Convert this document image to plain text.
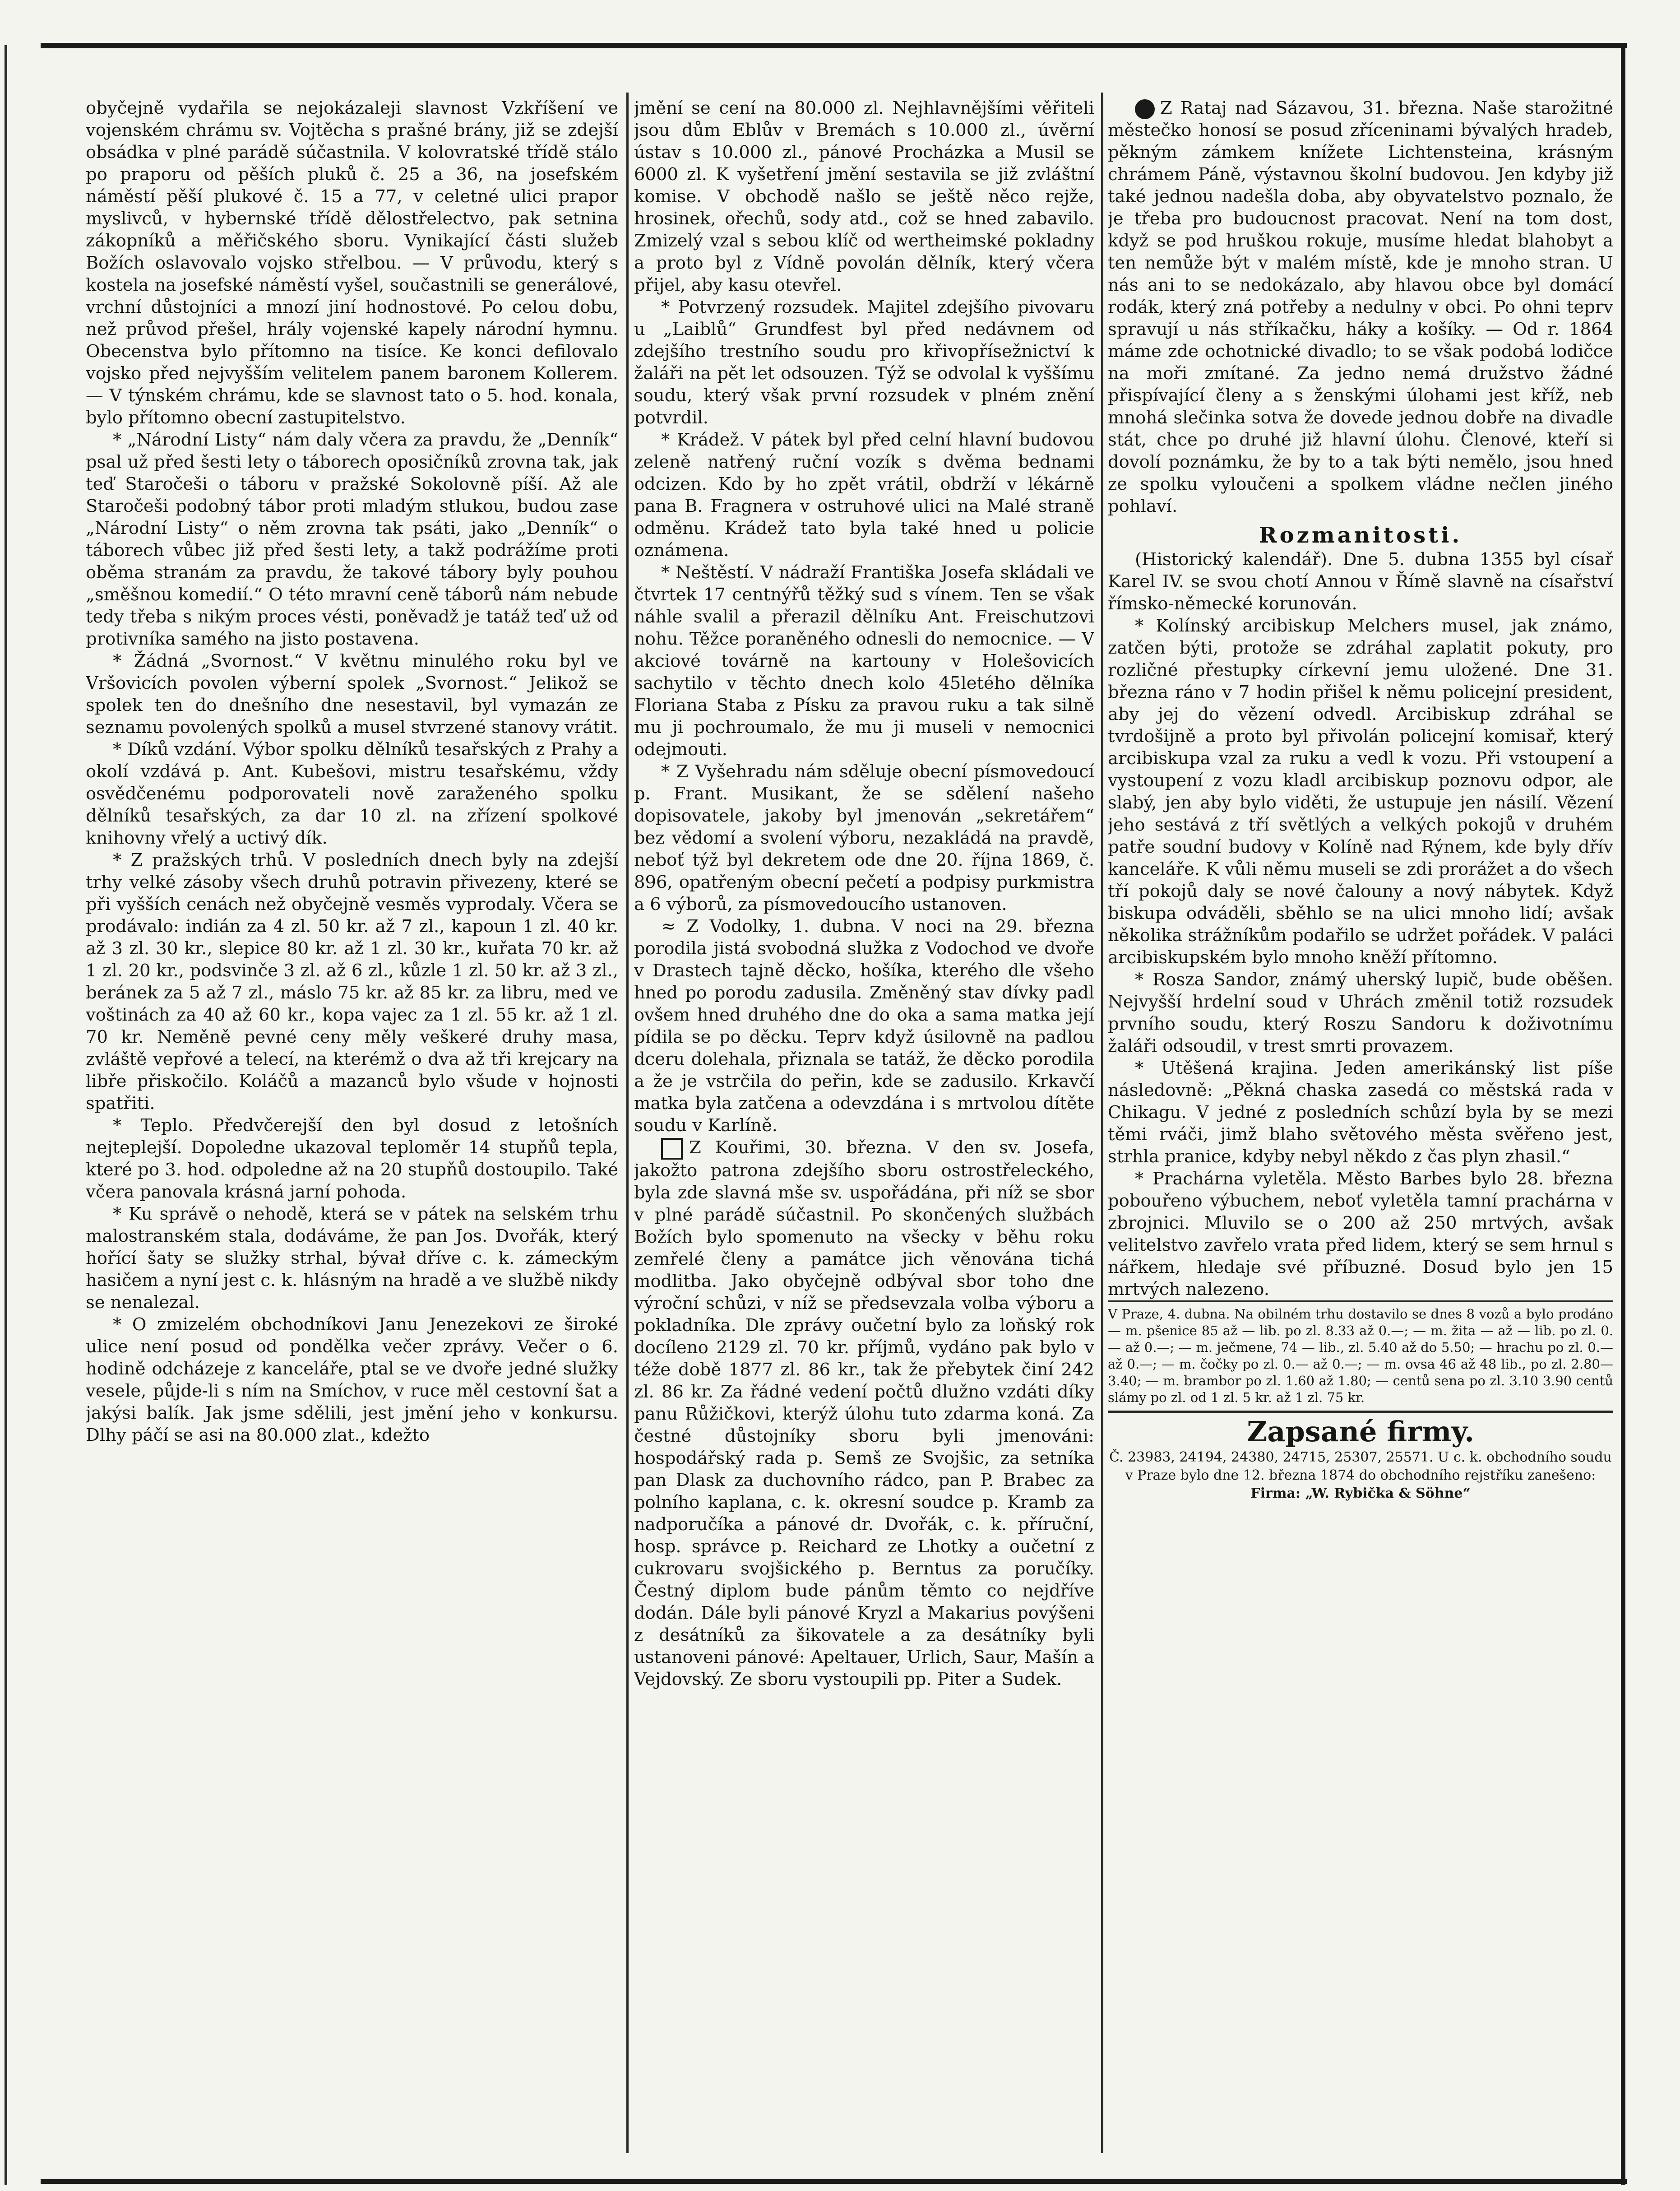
obyčejně vydařila se nejokázaleji slavnost Vzkříšení ve vojenském chrámu sv. Vojtěcha s prašné brány, již se zdejší obsádka v plné parádě súčastnila. V kolovratské třídě stálo po praporu od pěších pluků č. 25 a 36, na josefském náměstí pěší plukové č. 15 a 77, v celetné ulici prapor myslivců, v hybernské třídě dělostřelectvo, pak setnina zákopníků a měřičského sboru. Vynikající části služeb Božích oslavovalo vojsko střelbou. — V průvodu, který s kostela na josefské náměstí vyšel, součastnili se generálové, vrchní důstojníci a mnozí jiní hodnostové. Po celou dobu, než průvod přešel, hrály vojenské kapely národní hymnu. Obecenstva bylo přítomno na tisíce. Ke konci defilovalo vojsko před nejvyšším velitelem panem baronem Kollerem. — V týnském chrámu, kde se slavnost tato o 5. hod. konala, bylo přítomno obecní zastupitelstvo.

* „Národní Listy“ nám daly včera za pravdu, že „Denník“ psal už před šesti lety o táborech oposičníků zrovna tak, jak teď Staročeši o táboru v pražské Sokolovně píší. Až ale Staročeši podobný tábor proti mladým stlukou, budou zase „Národní Listy“ o něm zrovna tak psáti, jako „Denník“ o táborech vůbec již před šesti lety, a takž podrážíme proti oběma stranám za pravdu, že takové tábory byly pouhou „směšnou komedií.“ O této mravní ceně táborů nám nebude tedy třeba s nikým proces vésti, poněvadž je tatáž teď už od protivníka samého na jisto postavena.

* Žádná „Svornost.“ V květnu minulého roku byl ve Vršovicích povolen výberní spolek „Svornost.“ Jelikož se spolek ten do dnešního dne nesestavil, byl vymazán ze seznamu povolených spolků a musel stvrzené stanovy vrátit.

* Díků vzdání. Výbor spolku dělníků tesařských z Prahy a okolí vzdává p. Ant. Kubešovi, mistru tesařskému, vždy osvědčenému podporovateli nově zaraženého spolku dělníků tesařských, za dar 10 zl. na zřízení spolkové knihovny vřelý a uctivý dík.

* Z pražských trhů. V posledních dnech byly na zdejší trhy velké zásoby všech druhů potravin přivezeny, které se při vyšších cenách než obyčejně vesměs vyprodaly. Včera se prodávalo: indián za 4 zl. 50 kr. až 7 zl., kapoun 1 zl. 40 kr. až 3 zl. 30 kr., slepice 80 kr. až 1 zl. 30 kr., kuřata 70 kr. až 1 zl. 20 kr., podsvinče 3 zl. až 6 zl., kůzle 1 zl. 50 kr. až 3 zl., beránek za 5 až 7 zl., máslo 75 kr. až 85 kr. za libru, med ve voštinách za 40 až 60 kr., kopa vajec za 1 zl. 55 kr. až 1 zl. 70 kr. Neměně pevné ceny měly veškeré druhy masa, zvláště vepřové a telecí, na kterémž o dva až tři krejcary na libře přiskočilo. Koláčů a mazanců bylo všude v hojnosti spatřiti.

* Teplo. Předvčerejší den byl dosud z letošních nejteplejší. Dopoledne ukazoval teploměr 14 stupňů tepla, které po 3. hod. odpoledne až na 20 stupňů dostoupilo. Také včera panovala krásná jarní pohoda.

* Ku správě o nehodě, která se v pátek na selském trhu malostranském stala, dodáváme, že pan Jos. Dvořák, který hořící šaty se služky strhal, bývał dříve c. k. zámeckým hasičem a nyní jest c. k. hlásným na hradě a ve službě nikdy se nenalezal.

* O zmizelém obchodníkovi Janu Jenezekovi ze široké ulice není posud od pondělka večer zprávy. Večer o 6. hodině odcházeje z kanceláře, ptal se ve dvoře jedné služky vesele, půjde-li s ním na Smíchov, v ruce měl cestovní šat a jakýsi balík. Jak jsme sdělili, jest jmění jeho v konkursu. Dlhy páčí se asi na 80.000 zlat., kdežto

jmění se cení na 80.000 zl. Nejhlavnějšími věřiteli jsou dům Eblův v Bremách s 10.000 zl., úvěrní ústav s 10.000 zl., pánové Procházka a Musil se 6000 zl. K vyšetření jmění sestavila se již zvláštní komise. V obchodě našlo se ještě něco rejže, hrosinek, ořechů, sody atd., což se hned zabavilo. Zmizelý vzal s sebou klíč od wertheimské pokladny a proto byl z Vídně povolán dělník, který včera přijel, aby kasu otevřel.

* Potvrzený rozsudek. Majitel zdejšího pivovaru u „Laiblů“ Grundfest byl před nedávnem od zdejšího trestního soudu pro křivopřísežnictví k žaláři na pět let odsouzen. Týž se odvolal k vyššímu soudu, který však první rozsudek v plném znění potvrdil.

* Krádež. V pátek byl před celní hlavní budovou zeleně natřený ruční vozík s dvěma bednami odcizen. Kdo by ho zpět vrátil, obdrží v lékárně pana B. Fragnera v ostruhové ulici na Malé straně odměnu. Krádež tato byla také hned u policie oznámena.

* Neštěstí. V nádraží Františka Josefa skládali ve čtvrtek 17 centnýřů těžký sud s vínem. Ten se však náhle svalil a přerazil dělníku Ant. Freischutzovi nohu. Těžce poraněného odnesli do nemocnice. — V akciové továrně na kartouny v Holešovicích sachytilo v těchto dnech kolo 45letého dělníka Floriana Staba z Písku za pravou ruku a tak silně mu ji pochroumalo, že mu ji museli v nemocnici odejmouti.

* Z Vyšehradu nám sděluje obecní písmovedoucí p. Frant. Musikant, že se sdělení našeho dopisovatele, jakoby byl jmenován „sekretářem“ bez vědomí a svolení výboru, nezakládá na pravdě, neboť týž byl dekretem ode dne 20. října 1869, č. 896, opatřeným obecní pečetí a podpisy purkmistra a 6 výborů, za písmovedoucího ustanoven.

≈ Z Vodolky, 1. dubna. V noci na 29. března porodila jistá svobodná služka z Vodochod ve dvoře v Drastech tajně děcko, hošíka, kterého dle všeho hned po porodu zadusila. Změněný stav dívky padl ovšem hned druhého dne do oka a sama matka její pídila se po děcku. Teprv když úsilovně na padlou dceru dolehala, přiznala se tatáž, že děcko porodila a že je vstrčila do peřin, kde se zadusilo. Krkavčí matka byla zatčena a odevzdána i s mrtvolou dítěte soudu v Karlíně.

Z Kouřimi, 30. března. V den sv. Josefa, jakožto patrona zdejšího sboru ostrostřeleckého, byla zde slavná mše sv. uspořádána, při níž se sbor v plné parádě súčastnil. Po skončených službách Božích bylo spomenuto na všecky v běhu roku zemřelé členy a památce jich věnována tichá modlitba. Jako obyčejně odbýval sbor toho dne výroční schůzi, v níž se předsevzala volba výboru a pokladníka. Dle zprávy oučetní bylo za loňský rok docíleno 2129 zl. 70 kr. příjmů, vydáno pak bylo v téže době 1877 zl. 86 kr., tak že přebytek činí 242 zl. 86 kr. Za řádné vedení počtů dlužno vzdáti díky panu Růžičkovi, kterýž úlohu tuto zdarma koná. Za čestné důstojníky sboru byli jmenováni: hospodářský rada p. Semš ze Svojšic, za setníka pan Dlask za duchovního rádco, pan P. Brabec za polního kaplana, c. k. okresní soudce p. Kramb za nadporučíka a pánové dr. Dvořák, c. k. příruční, hosp. správce p. Reichard ze Lhotky a oučetní z cukrovaru svojšického p. Berntus za poručíky. Čestný diplom bude pánům těmto co nejdříve dodán. Dále byli pánové Kryzl a Makarius povýšeni z desátníků za šikovatele a za desátníky byli ustanoveni pánové: Apeltauer, Urlich, Saur, Mašín a Vejdovský. Ze sboru vystoupili pp. Piter a Sudek.

Z Rataj nad Sázavou, 31. března. Naše starožitné městečko honosí se posud zříceninami bývalých hradeb, pěkným zámkem knížete Lichtensteina, krásným chrámem Páně, výstavnou školní budovou. Jen kdyby již také jednou nadešla doba, aby obyvatelstvo poznalo, že je třeba pro budoucnost pracovat. Není na tom dost, když se pod hruškou rokuje, musíme hledat blahobyt a ten nemůže být v malém místě, kde je mnoho stran. U nás ani to se nedokázalo, aby hlavou obce byl domácí rodák, který zná potřeby a nedulny v obci. Po ohni teprv spravují u nás stříkačku, háky a košíky. — Od r. 1864 máme zde ochotnické divadlo; to se však podobá lodičce na moři zmítané. Za jedno nemá družstvo žádné přispívající členy a s ženskými úlohami jest kříž, neb mnohá slečinka sotva že dovede jednou dobře na divadle stát, chce po druhé již hlavní úlohu. Členové, kteří si dovolí poznámku, že by to a tak býti nemělo, jsou hned ze spolku vyloučeni a spolkem vládne nečlen jiného pohlaví.

Rozmanitosti.

(Historický kalendář). Dne 5. dubna 1355 byl císař Karel IV. se svou chotí Annou v Římě slavně na císařství římsko-německé korunován.

* Kolínský arcibiskup Melchers musel, jak známo, zatčen býti, protože se zdráhal zaplatit pokuty, pro rozličné přestupky církevní jemu uložené. Dne 31. března ráno v 7 hodin přišel k němu policejní president, aby jej do vězení odvedl. Arcibiskup zdráhal se tvrdošijně a proto byl přivolán policejní komisař, který arcibiskupa vzal za ruku a vedl k vozu. Při vstoupení a vystoupení z vozu kladl arcibiskup poznovu odpor, ale slabý, jen aby bylo viděti, že ustupuje jen násilí. Vězení jeho sestává z tří světlých a velkých pokojů v druhém patře soudní budovy v Kolíně nad Rýnem, kde byly dřív kanceláře. K vůli němu museli se zdi prorážet a do všech tří pokojů daly se nové čalouny a nový nábytek. Když biskupa odváděli, sběhlo se na ulici mnoho lidí; avšak několika strážníkům podařilo se udržet pořádek. V paláci arcibiskupském bylo mnoho kněží přítomno.

* Rosza Sandor, známý uherský lupič, bude oběšen. Nejvyšší hrdelní soud v Uhrách změnil totiž rozsudek prvního soudu, který Roszu Sandoru k doživotnímu žaláři odsoudil, v trest smrti provazem.

* Utěšená krajina. Jeden amerikánský list píše následovně: „Pěkná chaska zasedá co městská rada v Chikagu. V jedné z posledních schůzí byla by se mezi těmi rváči, jimž blaho světového města svěřeno jest, strhla pranice, kdyby nebyl někdo z čas plyn zhasil.“

* Prachárna vyletěla. Město Barbes bylo 28. března pobouřeno výbuchem, neboť vyletěla tamní prachárna v zbrojnici. Mluvilo se o 200 až 250 mrtvých, avšak velitelstvo zavřelo vrata před lidem, který se sem hrnul s nářkem, hledaje své příbuzné. Dosud bylo jen 15 mrtvých nalezeno.

V Praze, 4. dubna. Na obilném trhu dostavilo se dnes 8 vozů a bylo prodáno — m. pšenice 85 až — lib. po zl. 8.33 až 0.—; — m. žita — až — lib. po zl. 0.— až 0.—; — m. ječmene, 74 — lib., zl. 5.40 až do 5.50; — hrachu po zl. 0.— až 0.—; — m. čočky po zl. 0.— až 0.—; — m. ovsa 46 až 48 lib., po zl. 2.80—3.40; — m. brambor po zl. 1.60 až 1.80; — centů sena po zl. 3.10 3.90 centů slámy po zl. od 1 zl. 5 kr. až 1 zl. 75 kr.

Zapsané firmy.

Č. 23983, 24194, 24380, 24715, 25307, 25571. U c. k. obchodního soudu v Praze bylo dne 12. března 1874 do obchodního rejstříku zanešeno:

Firma: „W. Rybička & Söhne“
